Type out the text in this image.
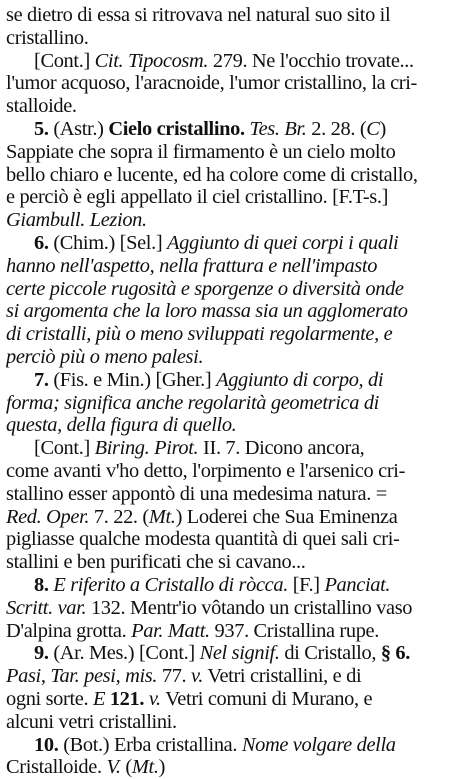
se dietro di essa si ritrovava nel natural suo sito il
cristallino.
[Cont.] Cit. Tipocosm. 279. Ne l'occhio trovate...
l'umor acquoso, l'aracnoide, l'umor cristallino, la cri-
stalloide.
5. (Astr.) Cielo cristallino. Tes. Br. 2. 28. (C)
Sappiate che sopra il firmamento è un cielo molto
bello chiaro e lucente, ed ha colore come di cristallo,
e perciò è egli appellato il ciel cristallino. [F.T-s.]
Giambull. Lezion.
6. (Chim.) [Sel.] Aggiunto di quei corpi i quali
hanno nell'aspetto, nella frattura e nell'impasto
certe piccole rugosità e sporgenze o diversità onde
si argomenta che la loro massa sia un agglomerato
di cristalli, più o meno sviluppati regolarmente, e
perciò più o meno palesi.
7. (Fis. e Min.) [Gher.] Aggiunto di corpo, di
forma; significa anche regolarità geometrica di
questa, della figura di quello.
[Cont.] Biring. Pirot. II. 7. Dicono ancora,
come avanti v'ho detto, l'orpimento e l'arsenico cri-
stallino esser appontò di una medesima natura. =
Red. Oper. 7. 22. (Mt.) Loderei che Sua Eminenza
pigliasse qualche modesta quantità di quei sali cri-
stallini e ben purificati che si cavano...
8. E riferito a Cristallo di ròcca. [F.] Panciat.
Scritt. var. 132. Mentr'io vôtando un cristallino vaso
D'alpina grotta. Par. Matt. 937. Cristallina rupe.
9. (Ar. Mes.) [Cont.] Nel signif. di Cristallo, § 6.
Pasi, Tar. pesi, mis. 77. v. Vetri cristallini, e di
ogni sorte. E 121. v. Vetri comuni di Murano, e
alcuni vetri cristallini.
10. (Bot.) Erba cristallina. Nome volgare della
Cristalloide. V. (Mt.)
